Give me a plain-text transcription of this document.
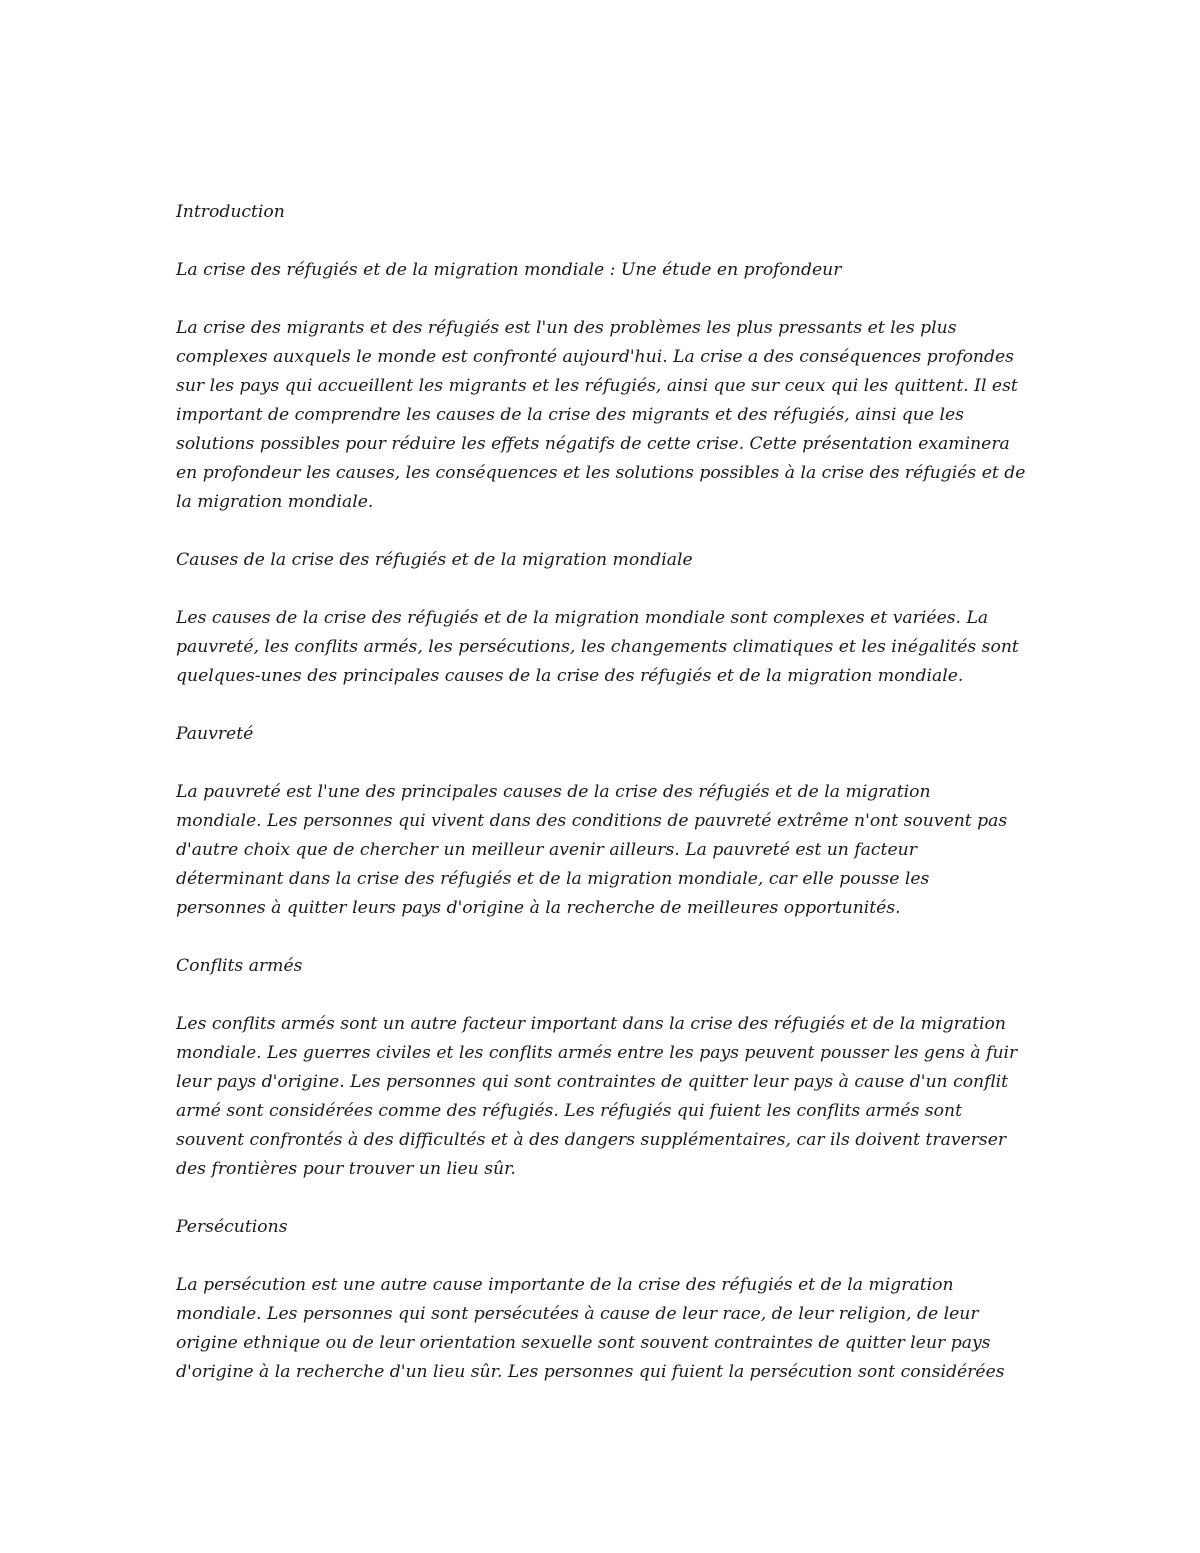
Introduction
La crise des réfugiés et de la migration mondiale : Une étude en profondeur
La crise des migrants et des réfugiés est l'un des problèmes les plus pressants et les plus
complexes auxquels le monde est confronté aujourd'hui. La crise a des conséquences profondes
sur les pays qui accueillent les migrants et les réfugiés, ainsi que sur ceux qui les quittent. Il est
important de comprendre les causes de la crise des migrants et des réfugiés, ainsi que les
solutions possibles pour réduire les effets négatifs de cette crise. Cette présentation examinera
en profondeur les causes, les conséquences et les solutions possibles à la crise des réfugiés et de
la migration mondiale.
Causes de la crise des réfugiés et de la migration mondiale
Les causes de la crise des réfugiés et de la migration mondiale sont complexes et variées. La
pauvreté, les conflits armés, les persécutions, les changements climatiques et les inégalités sont
quelques-unes des principales causes de la crise des réfugiés et de la migration mondiale.
Pauvreté
La pauvreté est l'une des principales causes de la crise des réfugiés et de la migration
mondiale. Les personnes qui vivent dans des conditions de pauvreté extrême n'ont souvent pas
d'autre choix que de chercher un meilleur avenir ailleurs. La pauvreté est un facteur
déterminant dans la crise des réfugiés et de la migration mondiale, car elle pousse les
personnes à quitter leurs pays d'origine à la recherche de meilleures opportunités.
Conflits armés
Les conflits armés sont un autre facteur important dans la crise des réfugiés et de la migration
mondiale. Les guerres civiles et les conflits armés entre les pays peuvent pousser les gens à fuir
leur pays d'origine. Les personnes qui sont contraintes de quitter leur pays à cause d'un conflit
armé sont considérées comme des réfugiés. Les réfugiés qui fuient les conflits armés sont
souvent confrontés à des difficultés et à des dangers supplémentaires, car ils doivent traverser
des frontières pour trouver un lieu sûr.
Persécutions
La persécution est une autre cause importante de la crise des réfugiés et de la migration
mondiale. Les personnes qui sont persécutées à cause de leur race, de leur religion, de leur
origine ethnique ou de leur orientation sexuelle sont souvent contraintes de quitter leur pays
d'origine à la recherche d'un lieu sûr. Les personnes qui fuient la persécution sont considérées
